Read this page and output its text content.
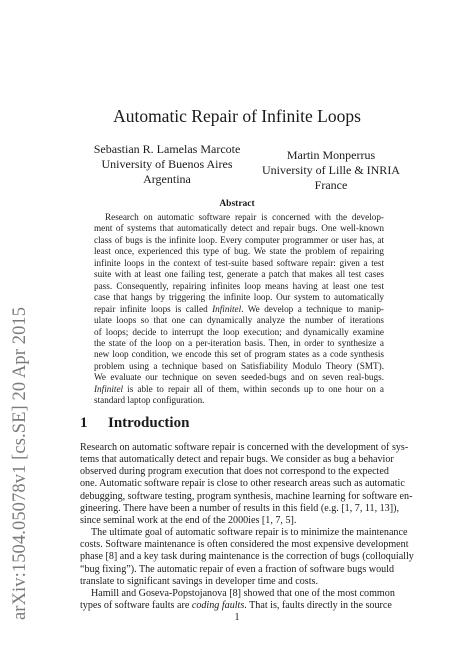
arXiv:1504.05078v1 [cs.SE] 20 Apr 2015
Automatic Repair of Infinite Loops
Sebastian R. Lamelas Marcote
University of Buenos Aires
Argentina
Martin Monperrus
University of Lille & INRIA
France
Abstract
Research on automatic software repair is concerned with the develop-
ment of systems that automatically detect and repair bugs. One well-known
class of bugs is the infinite loop. Every computer programmer or user has, at
least once, experienced this type of bug. We state the problem of repairing
infinite loops in the context of test-suite based software repair: given a test
suite with at least one failing test, generate a patch that makes all test cases
pass. Consequently, repairing infinites loop means having at least one test
case that hangs by triggering the infinite loop. Our system to automatically
repair infinite loops is called Infinitel. We develop a technique to manip-
ulate loops so that one can dynamically analyze the number of iterations
of loops; decide to interrupt the loop execution; and dynamically examine
the state of the loop on a per-iteration basis. Then, in order to synthesize a
new loop condition, we encode this set of program states as a code synthesis
problem using a technique based on Satisfiability Modulo Theory (SMT).
We evaluate our technique on seven seeded-bugs and on seven real-bugs.
Infinitel is able to repair all of them, within seconds up to one hour on a
standard laptop configuration.
1 Introduction
Research on automatic software repair is concerned with the development of sys-
tems that automatically detect and repair bugs. We consider as bug a behavior
observed during program execution that does not correspond to the expected
one. Automatic software repair is close to other research areas such as automatic
debugging, software testing, program synthesis, machine learning for software en-
gineering. There have been a number of results in this field (e.g. [1, 7, 11, 13]),
since seminal work at the end of the 2000ies [1, 7, 5].
The ultimate goal of automatic software repair is to minimize the maintenance
costs. Software maintenance is often considered the most expensive development
phase [8] and a key task during maintenance is the correction of bugs (colloquially
“bug fixing”). The automatic repair of even a fraction of software bugs would
translate to significant savings in developer time and costs.
Hamill and Goseva-Popstojanova [8] showed that one of the most common
types of software faults are coding faults. That is, faults directly in the source
1
